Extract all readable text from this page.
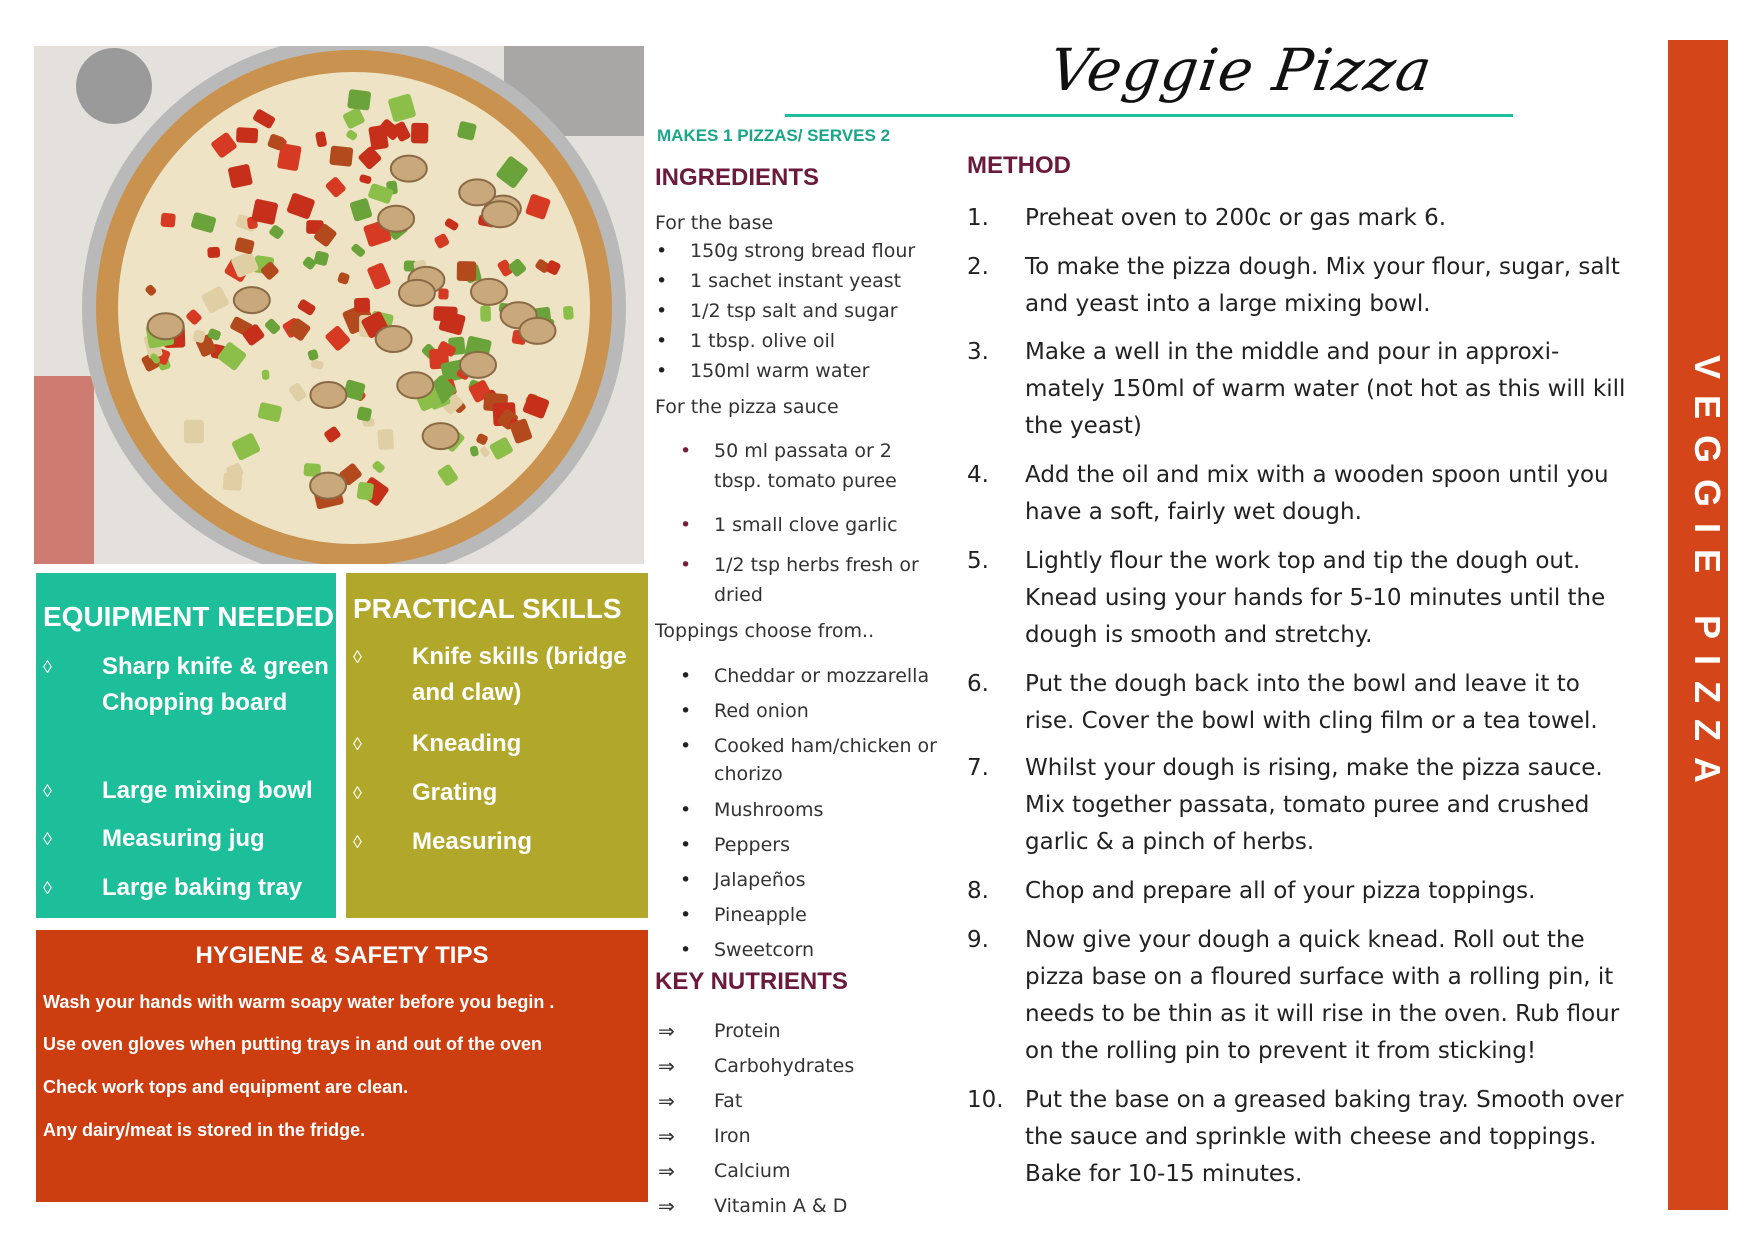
Veggie Pizza
MAKES 1 PIZZAS/ SERVES 2
INGREDIENTS
For the base
• 150g strong bread flour
• 1 sachet instant yeast
• 1/2 tsp salt and sugar
• 1 tbsp. olive oil
• 150ml warm water
For the pizza sauce
• 50 ml passata or 2 tbsp. tomato puree
• 1 small clove garlic
• 1/2 tsp herbs fresh or dried
Toppings choose from..
• Cheddar or mozzarella
• Red onion
• Cooked ham/chicken or chorizo
• Mushrooms
• Peppers
• Jalapeños
• Pineapple
• Sweetcorn
KEY NUTRIENTS
⇒ Protein
⇒ Carbohydrates
⇒ Fat
⇒ Iron
⇒ Calcium
⇒ Vitamin A & D
METHOD
1.	Preheat oven to 200c or gas mark 6.
2.	To make the pizza dough. Mix your flour, sugar, salt and yeast into a large mixing bowl.
3.	Make a well in the middle and pour in approxi-mately 150ml of warm water (not hot as this will kill the yeast)
4.	Add the oil and mix with a wooden spoon until you have a soft, fairly wet dough.
5.	Lightly flour the work top and tip the dough out. Knead using your hands for 5-10 minutes until the dough is smooth and stretchy.
6.	Put the dough back into the bowl and leave it to rise. Cover the bowl with cling film or a tea towel.
7.	Whilst your dough is rising, make the pizza sauce. Mix together passata, tomato puree and crushed garlic & a pinch of herbs.
8.	Chop and prepare all of your pizza toppings.
9.	Now give your dough a quick knead. Roll out the pizza base on a floured surface with a rolling pin, it needs to be thin as it will rise in the oven. Rub flour on the rolling pin to prevent it from sticking!
10. Put the base on a greased baking tray. Smooth over the sauce and sprinkle with cheese and toppings. Bake for 10-15 minutes.
VEGGIE PIZZA
EQUIPMENT NEEDED
◊ Sharp knife & green Chopping board
◊ Large mixing bowl
◊ Measuring jug
◊ Large baking tray
PRACTICAL SKILLS
◊ Knife skills (bridge and claw)
◊ Kneading
◊ Grating
◊ Measuring
HYGIENE & SAFETY TIPS
Wash your hands with warm soapy water before you begin .
Use oven gloves when putting trays in and out of the oven
Check work tops and equipment are clean.
Any dairy/meat is stored in the fridge.
